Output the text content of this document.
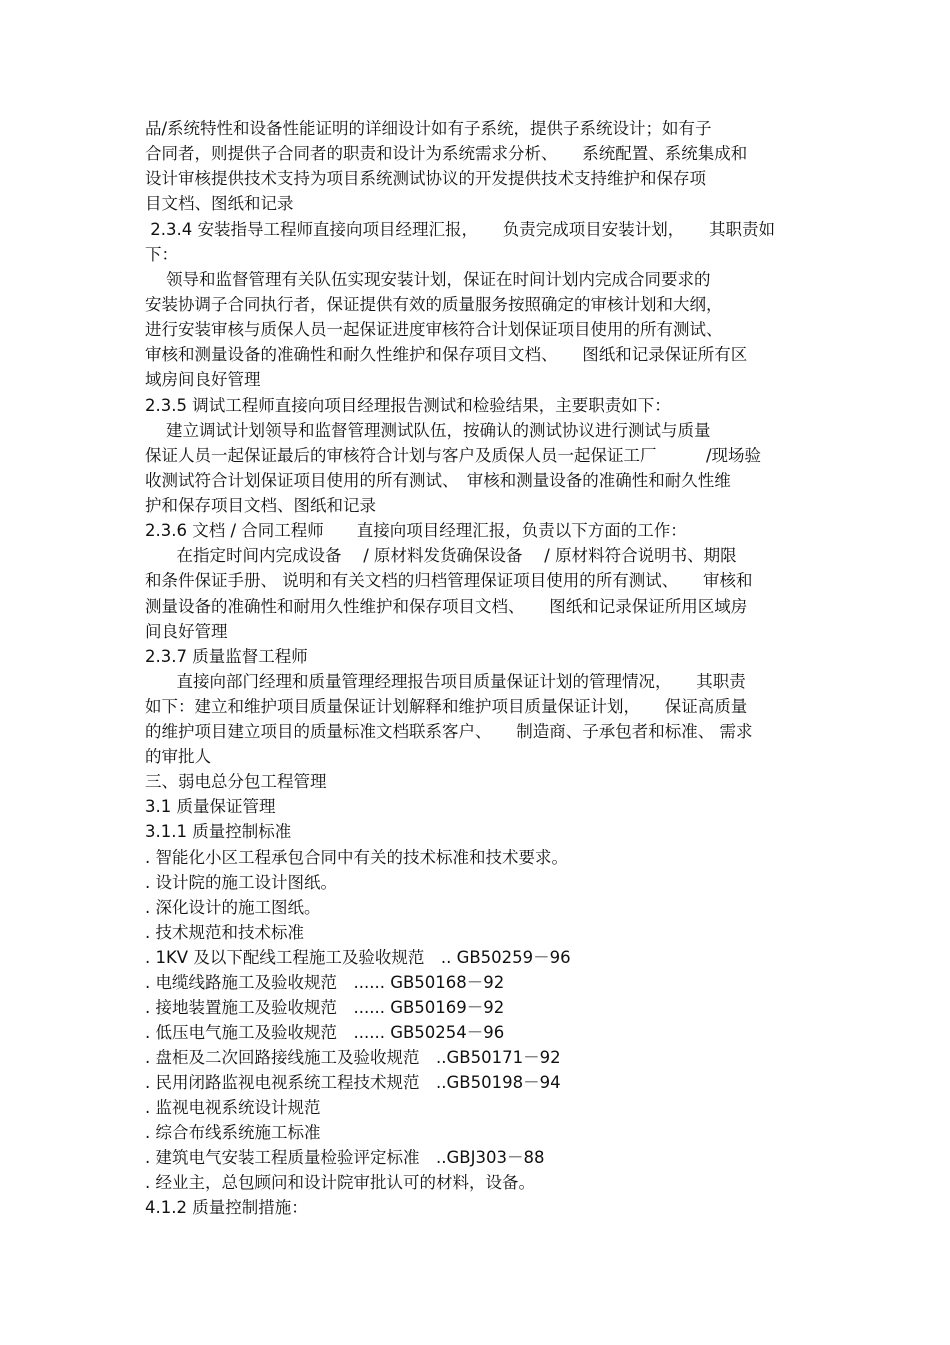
品/系统特性和设备性能证明的详细设计如有子系统，提供子系统设计；如有子
合同者，则提供子合同者的职责和设计为系统需求分析、　　系统配置、系统集成和
设计审核提供技术支持为项目系统测试协议的开发提供技术支持维护和保存项
目文档、图纸和记录
2.3.4 安装指导工程师直接向项目经理汇报，　　负责完成项目安装计划，　　其职责如
下：
领导和监督管理有关队伍实现安装计划，保证在时间计划内完成合同要求的
安装协调子合同执行者，保证提供有效的质量服务按照确定的审核计划和大纲，
进行安装审核与质保人员一起保证进度审核符合计划保证项目使用的所有测试、
审核和测量设备的准确性和耐久性维护和保存项目文档、　　图纸和记录保证所有区
域房间良好管理
2.3.5 调试工程师直接向项目经理报告测试和检验结果，主要职责如下：
建立调试计划领导和监督管理测试队伍，按确认的测试协议进行测试与质量
保证人员一起保证最后的审核符合计划与客户及质保人员一起保证工厂　　　/现场验
收测试符合计划保证项目使用的所有测试、　审核和测量设备的准确性和耐久性维
护和保存项目文档、图纸和记录
2.3.6 文档 / 合同工程师　　直接向项目经理汇报，负责以下方面的工作：
在指定时间内完成设备　 / 原材料发货确保设备　 / 原材料符合说明书、期限
和条件保证手册、 说明和有关文档的归档管理保证项目使用的所有测试、　　审核和
测量设备的准确性和耐用久性维护和保存项目文档、　　图纸和记录保证所用区域房
间良好管理
2.3.7 质量监督工程师
直接向部门经理和质量管理经理报告项目质量保证计划的管理情况，　　其职责
如下：建立和维护项目质量保证计划解释和维护项目质量保证计划，　　保证高质量
的维护项目建立项目的质量标准文档联系客户、　　制造商、子承包者和标准、 需求
的审批人
三、弱电总分包工程管理
3.1 质量保证管理
3.1.1 质量控制标准
. 智能化小区工程承包合同中有关的技术标准和技术要求。
. 设计院的施工设计图纸。
. 深化设计的施工图纸。
. 技术规范和技术标准
. 1KV 及以下配线工程施工及验收规范　.. GB50259－96
. 电缆线路施工及验收规范　...... GB50168－92
. 接地装置施工及验收规范　...... GB50169－92
. 低压电气施工及验收规范　...... GB50254－96
. 盘柜及二次回路接线施工及验收规范　..GB50171－92
. 民用闭路监视电视系统工程技术规范　..GB50198－94
. 监视电视系统设计规范
. 综合布线系统施工标准
. 建筑电气安装工程质量检验评定标准　..GBJ303－88
. 经业主，总包顾问和设计院审批认可的材料，设备。
4.1.2 质量控制措施：
